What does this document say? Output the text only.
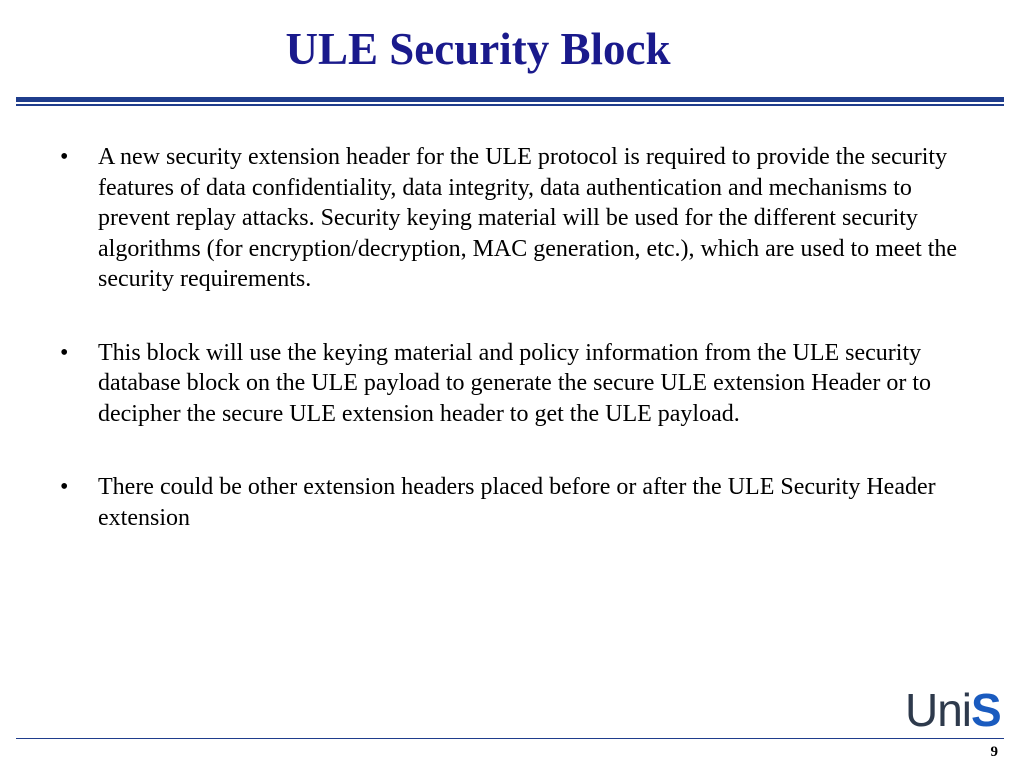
ULE Security Block
• A new security extension header for the ULE protocol is required to provide the security features of data confidentiality, data integrity, data authentication and mechanisms to prevent replay attacks. Security keying material will be used for the different security algorithms (for encryption/decryption, MAC generation, etc.), which are used to meet the security requirements.
• This block will use the keying material and policy information from the ULE security database block on the ULE payload to generate the secure ULE extension Header or to decipher the secure ULE extension header to get the ULE payload.
• There could be other extension headers placed before or after the ULE Security Header extension
UniS
9
